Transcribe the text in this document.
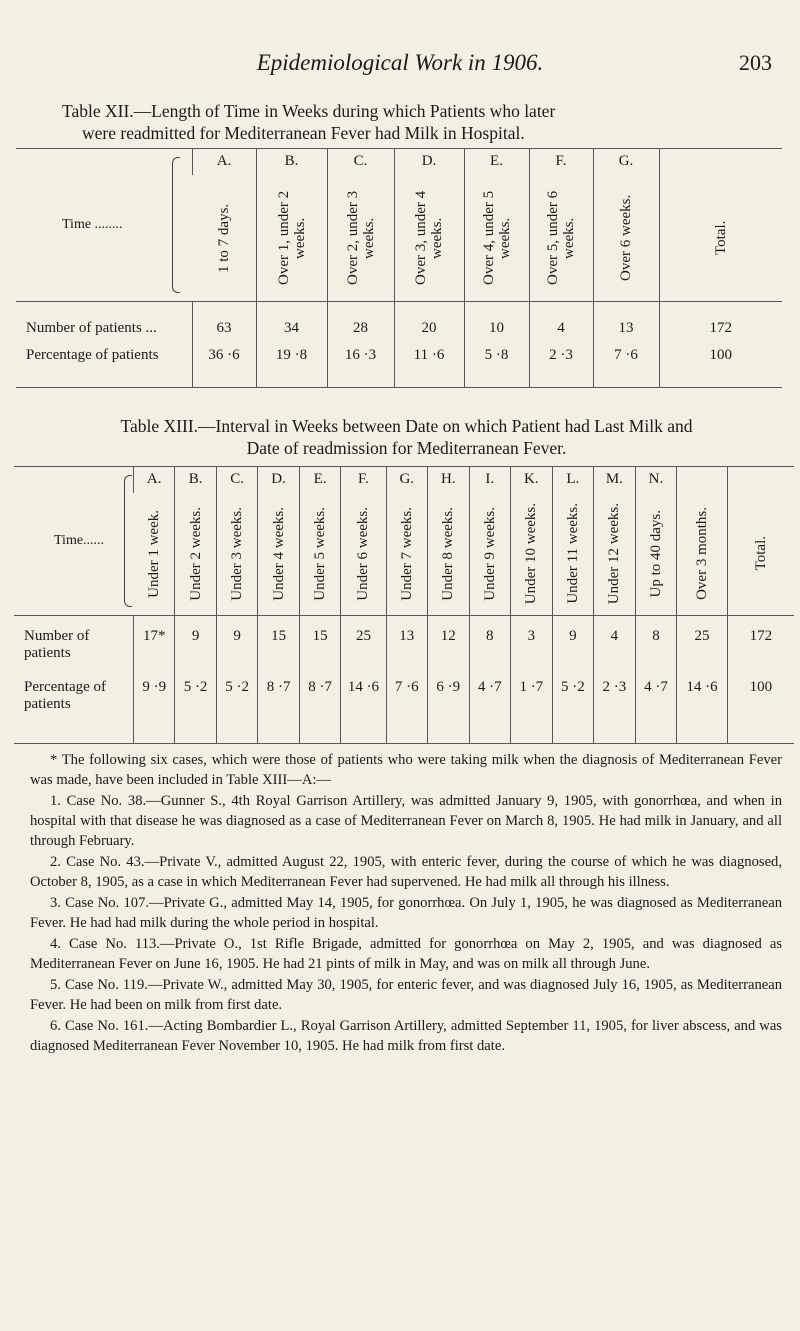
Epidemiological Work in 1906.	203
Table XII.—Length of Time in Weeks during which Patients who later
were readmitted for Mediterranean Fever had Milk in Hospital.
Time ........	A.	B.	C.	D.	E.	F.	G.	

	1 to 7 days.	Over 1, under 2 weeks.	Over 2, under 3 weeks.	Over 3, under 4 weeks.	Over 4, under 5 weeks.	Over 5, under 6 weeks.	Over 6 weeks.	Total.

Number of patients ...	63	34	28	20	10	4	13	172
Percentage of patients	36 ·6	19 ·8	16 ·3	11 ·6	5 ·8	2 ·3	7 ·6	100
Table XIII.—Interval in Weeks between Date on which Patient had Last Milk and
Date of readmission for Mediterranean Fever.
Time......	A.	B.	C.	D.	E.	F.	G.	H.	I.	K.	L.	M.	N.		

	Under 1 week.	Under 2 weeks.	Under 3 weeks.	Under 4 weeks.	Under 5 weeks.	Under 6 weeks.	Under 7 weeks.	Under 8 weeks.	Under 9 weeks.	Under 10 weeks.	Under 11 weeks.	Under 12 weeks.	Up to 40 days.	Over 3 months.	Total.

Number of patients	17*	9	9	15	15	25	13	12	8	3	9	4	8	25	172
Percentage of patients	9 ·9	5 ·2	5 ·2	8 ·7	8 ·7	14 ·6	7 ·6	6 ·9	4 ·7	1 ·7	5 ·2	2 ·3	4 ·7	14 ·6	100

* The following six cases, which were those of patients who were taking milk when the diagnosis of Mediterranean Fever was made, have been included in Table XIII—A:—

1. Case No. 38.—Gunner S., 4th Royal Garrison Artillery, was admitted January 9, 1905, with gonorrhœa, and when in hospital with that disease he was diagnosed as a case of Mediterranean Fever on March 8, 1905. He had milk in January, and all through February.

2. Case No. 43.—Private V., admitted August 22, 1905, with enteric fever, during the course of which he was diagnosed, October 8, 1905, as a case in which Mediterranean Fever had supervened. He had milk all through his illness.

3. Case No. 107.—Private G., admitted May 14, 1905, for gonorrhœa. On July 1, 1905, he was diagnosed as Mediterranean Fever. He had had milk during the whole period in hospital.

4. Case No. 113.—Private O., 1st Rifle Brigade, admitted for gonorrhœa on May 2, 1905, and was diagnosed as Mediterranean Fever on June 16, 1905. He had 21 pints of milk in May, and was on milk all through June.

5. Case No. 119.—Private W., admitted May 30, 1905, for enteric fever, and was diagnosed July 16, 1905, as Mediterranean Fever. He had been on milk from first date.

6. Case No. 161.—Acting Bombardier L., Royal Garrison Artillery, admitted September 11, 1905, for liver abscess, and was diagnosed Mediterranean Fever November 10, 1905. He had milk from first date.
